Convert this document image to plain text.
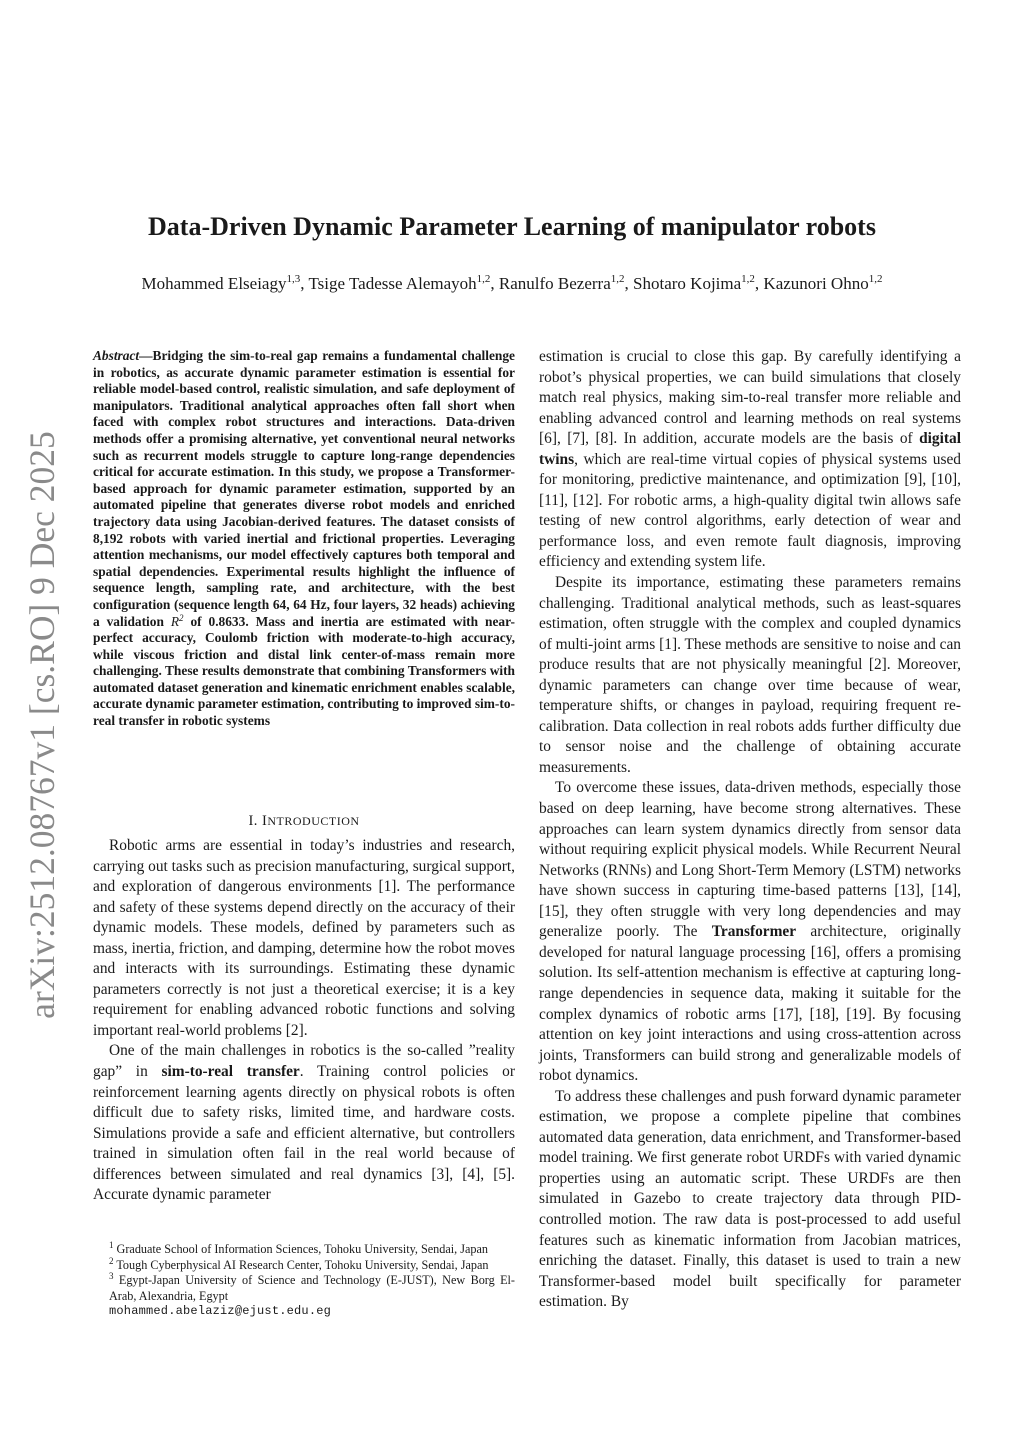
arXiv:2512.08767v1 [cs.RO] 9 Dec 2025
Data-Driven Dynamic Parameter Learning of manipulator robots
Mohammed Elseiagy$^{1,3}$, Tsige Tadesse Alemayoh$^{1,2}$, Ranulfo Bezerra$^{1,2}$, Shotaro Kojima$^{1,2}$, Kazunori Ohno$^{1,2}$
Abstract—Bridging the sim-to-real gap remains a fundamental challenge in robotics, as accurate dynamic parameter estimation is essential for reliable model-based control, realistic simulation, and safe deployment of manipulators. Traditional analytical approaches often fall short when faced with complex robot structures and interactions. Data-driven methods offer a promising alternative, yet conventional neural networks such as recurrent models struggle to capture long-range dependencies critical for accurate estimation. In this study, we propose a Transformer-based approach for dynamic parameter estimation, supported by an automated pipeline that generates diverse robot models and enriched trajectory data using Jacobian-derived features. The dataset consists of 8,192 robots with varied inertial and frictional properties. Leveraging attention mechanisms, our model effectively captures both temporal and spatial dependencies. Experimental results highlight the influence of sequence length, sampling rate, and architecture, with the best configuration (sequence length 64, 64 Hz, four layers, 32 heads) achieving a validation $R^2$ of 0.8633. Mass and inertia are estimated with near-perfect accuracy, Coulomb friction with moderate-to-high accuracy, while viscous friction and distal link center-of-mass remain more challenging. These results demonstrate that combining Transformers with automated dataset generation and kinematic enrichment enables scalable, accurate dynamic parameter estimation, contributing to improved sim-to-real transfer in robotic systems
I. INTRODUCTION

Robotic arms are essential in today’s industries and research, carrying out tasks such as precision manufacturing, surgical support, and exploration of dangerous environments [1]. The performance and safety of these systems depend directly on the accuracy of their dynamic models. These models, defined by parameters such as mass, inertia, friction, and damping, determine how the robot moves and interacts with its surroundings. Estimating these dynamic parameters correctly is not just a theoretical exercise; it is a key requirement for enabling advanced robotic functions and solving important real-world problems [2].

One of the main challenges in robotics is the so-called ”reality gap” in sim-to-real transfer. Training control policies or reinforcement learning agents directly on physical robots is often difficult due to safety risks, limited time, and hardware costs. Simulations provide a safe and efficient alternative, but controllers trained in simulation often fail in the real world because of differences between simulated and real dynamics [3], [4], [5]. Accurate dynamic parameter

$^1$ Graduate School of Information Sciences, Tohoku University, Sendai, Japan

$^2$ Tough Cyberphysical AI Research Center, Tohoku University, Sendai, Japan

$^3$ Egypt-Japan University of Science and Technology (E-JUST), New Borg El-Arab, Alexandria, Egypt

mohammed.abelaziz@ejust.edu.eg

estimation is crucial to close this gap. By carefully identifying a robot’s physical properties, we can build simulations that closely match real physics, making sim-to-real transfer more reliable and enabling advanced control and learning methods on real systems [6], [7], [8]. In addition, accurate models are the basis of digital twins, which are real-time virtual copies of physical systems used for monitoring, predictive maintenance, and optimization [9], [10], [11], [12]. For robotic arms, a high-quality digital twin allows safe testing of new control algorithms, early detection of wear and performance loss, and even remote fault diagnosis, improving efficiency and extending system life.

Despite its importance, estimating these parameters remains challenging. Traditional analytical methods, such as least-squares estimation, often struggle with the complex and coupled dynamics of multi-joint arms [1]. These methods are sensitive to noise and can produce results that are not physically meaningful [2]. Moreover, dynamic parameters can change over time because of wear, temperature shifts, or changes in payload, requiring frequent re-calibration. Data collection in real robots adds further difficulty due to sensor noise and the challenge of obtaining accurate measurements.

To overcome these issues, data-driven methods, especially those based on deep learning, have become strong alternatives. These approaches can learn system dynamics directly from sensor data without requiring explicit physical models. While Recurrent Neural Networks (RNNs) and Long Short-Term Memory (LSTM) networks have shown success in capturing time-based patterns [13], [14], [15], they often struggle with very long dependencies and may generalize poorly. The Transformer architecture, originally developed for natural language processing [16], offers a promising solution. Its self-attention mechanism is effective at capturing long-range dependencies in sequence data, making it suitable for the complex dynamics of robotic arms [17], [18], [19]. By focusing attention on key joint interactions and using cross-attention across joints, Transformers can build strong and generalizable models of robot dynamics.

To address these challenges and push forward dynamic parameter estimation, we propose a complete pipeline that combines automated data generation, data enrichment, and Transformer-based model training. We first generate robot URDFs with varied dynamic properties using an automatic script. These URDFs are then simulated in Gazebo to create trajectory data through PID-controlled motion. The raw data is post-processed to add useful features such as kinematic information from Jacobian matrices, enriching the dataset. Finally, this dataset is used to train a new Transformer-based model built specifically for parameter estimation. By
